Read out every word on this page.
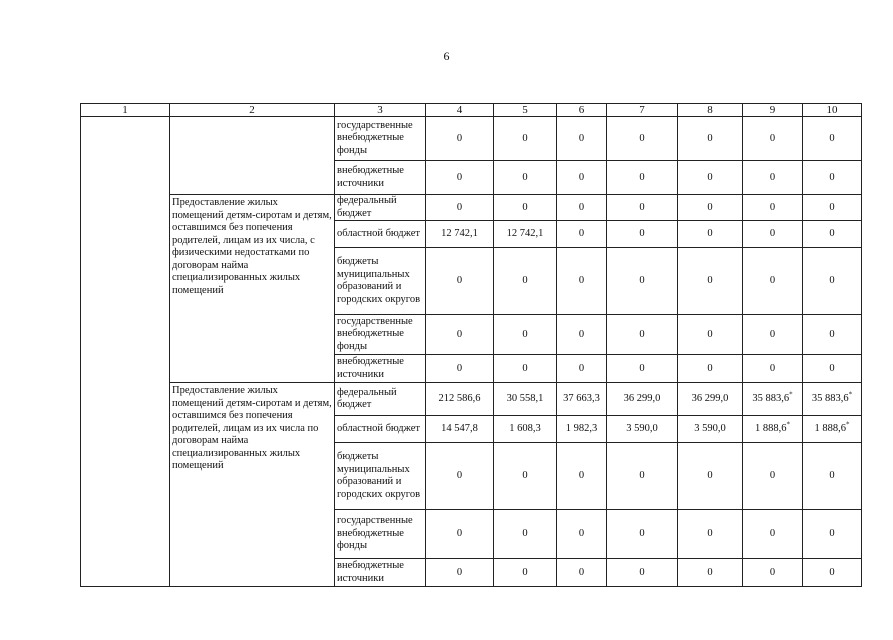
6
1	2	3	4	5	6	7	8	9	10
		государственные внебюджетные фонды	0	0	0	0	0	0	0
		внебюджетные источники	0	0	0	0	0	0	0
	Предоставление жилых помещений детям-сиротам и детям, оставшимся без попечения родителей, лицам из их числа, с физическими недостатками по договорам найма специализированных жилых помещений	федеральный бюджет	0	0	0	0	0	0	0
		областной бюджет	12 742,1	12 742,1	0	0	0	0	0
		бюджеты муниципальных образований и городских округов	0	0	0	0	0	0	0
		государственные внебюджетные фонды	0	0	0	0	0	0	0
		внебюджетные источники	0	0	0	0	0	0	0
	Предоставление жилых помещений детям-сиротам и детям, оставшимся без попечения родителей, лицам из их числа по договорам найма специализированных жилых помещений	федеральный бюджет	212 586,6	30 558,1	37 663,3	36 299,0	36 299,0	35 883,6*	35 883,6*
		областной бюджет	14 547,8	1 608,3	1 982,3	3 590,0	3 590,0	1 888,6*	1 888,6*
		бюджеты муниципальных образований и городских округов	0	0	0	0	0	0	0
		государственные внебюджетные фонды	0	0	0	0	0	0	0
		внебюджетные источники	0	0	0	0	0	0	0
